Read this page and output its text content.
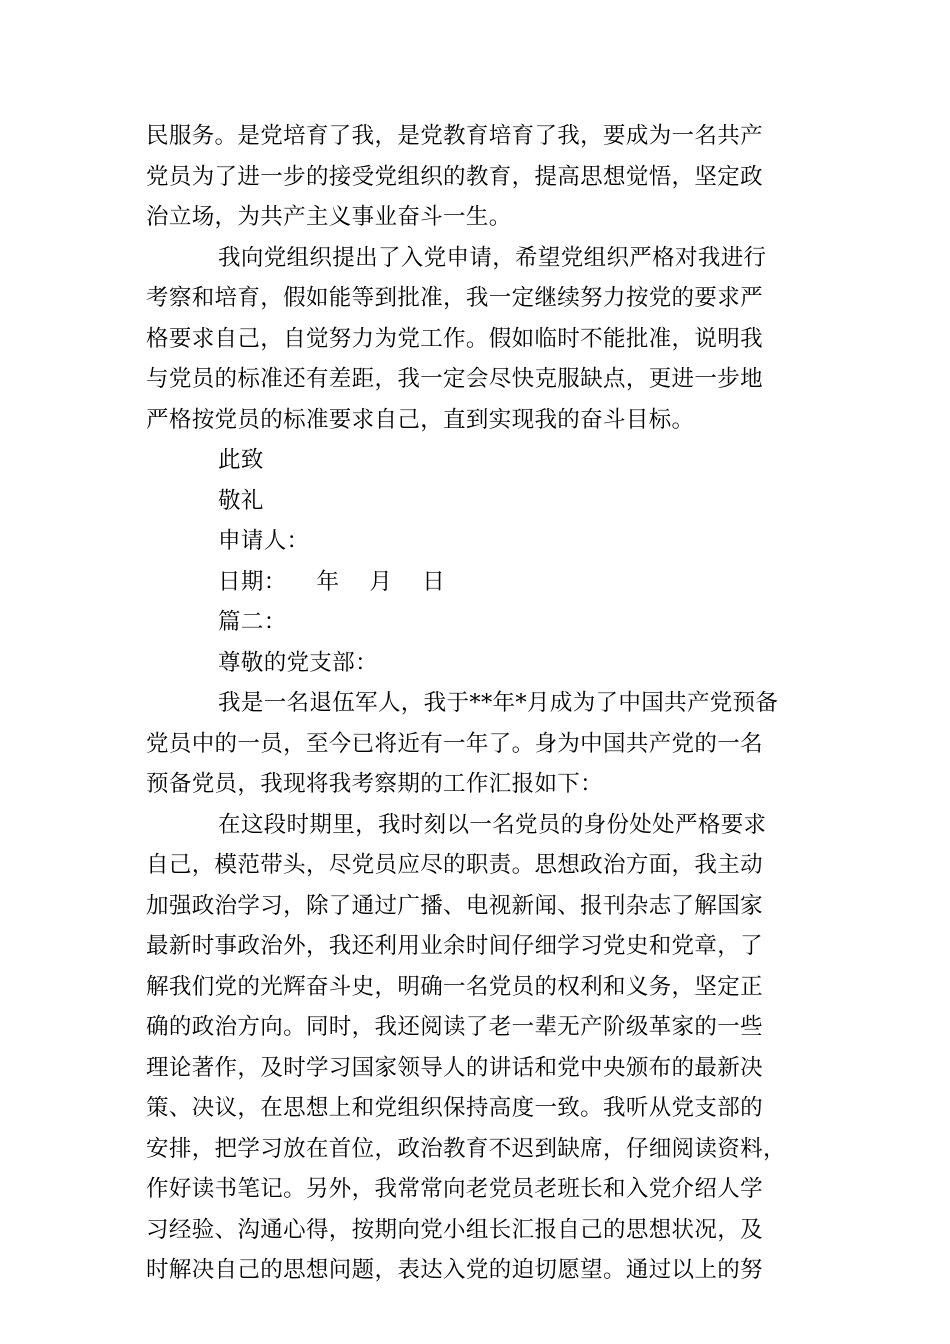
民服务。是党培育了我，是党教育培育了我，要成为一名共产
党员为了进一步的接受党组织的教育，提高思想觉悟，坚定政
治立场，为共产主义事业奋斗一生。
我向党组织提出了入党申请，希望党组织严格对我进行
考察和培育，假如能等到批准，我一定继续努力按党的要求严
格要求自己，自觉努力为党工作。假如临时不能批准，说明我
与党员的标准还有差距，我一定会尽快克服缺点，更进一步地
严格按党员的标准要求自己，直到实现我的奋斗目标。
此致
敬礼
申请人：
日期：    年    月    日
篇二：
尊敬的党支部：
我是一名退伍军人，我于**年*月成为了中国共产党预备
党员中的一员，至今已将近有一年了。身为中国共产党的一名
预备党员，我现将我考察期的工作汇报如下：
在这段时期里，我时刻以一名党员的身份处处严格要求
自己，模范带头，尽党员应尽的职责。思想政治方面，我主动
加强政治学习，除了通过广播、电视新闻、报刊杂志了解国家
最新时事政治外，我还利用业余时间仔细学习党史和党章，了
解我们党的光辉奋斗史，明确一名党员的权利和义务，坚定正
确的政治方向。同时，我还阅读了老一辈无产阶级革家的一些
理论著作，及时学习国家领导人的讲话和党中央颁布的最新决
策、决议，在思想上和党组织保持高度一致。我听从党支部的
安排，把学习放在首位，政治教育不迟到缺席，仔细阅读资料，
作好读书笔记。另外，我常常向老党员老班长和入党介绍人学
习经验、沟通心得，按期向党小组长汇报自己的思想状况，及
时解决自己的思想问题，表达入党的迫切愿望。通过以上的努
